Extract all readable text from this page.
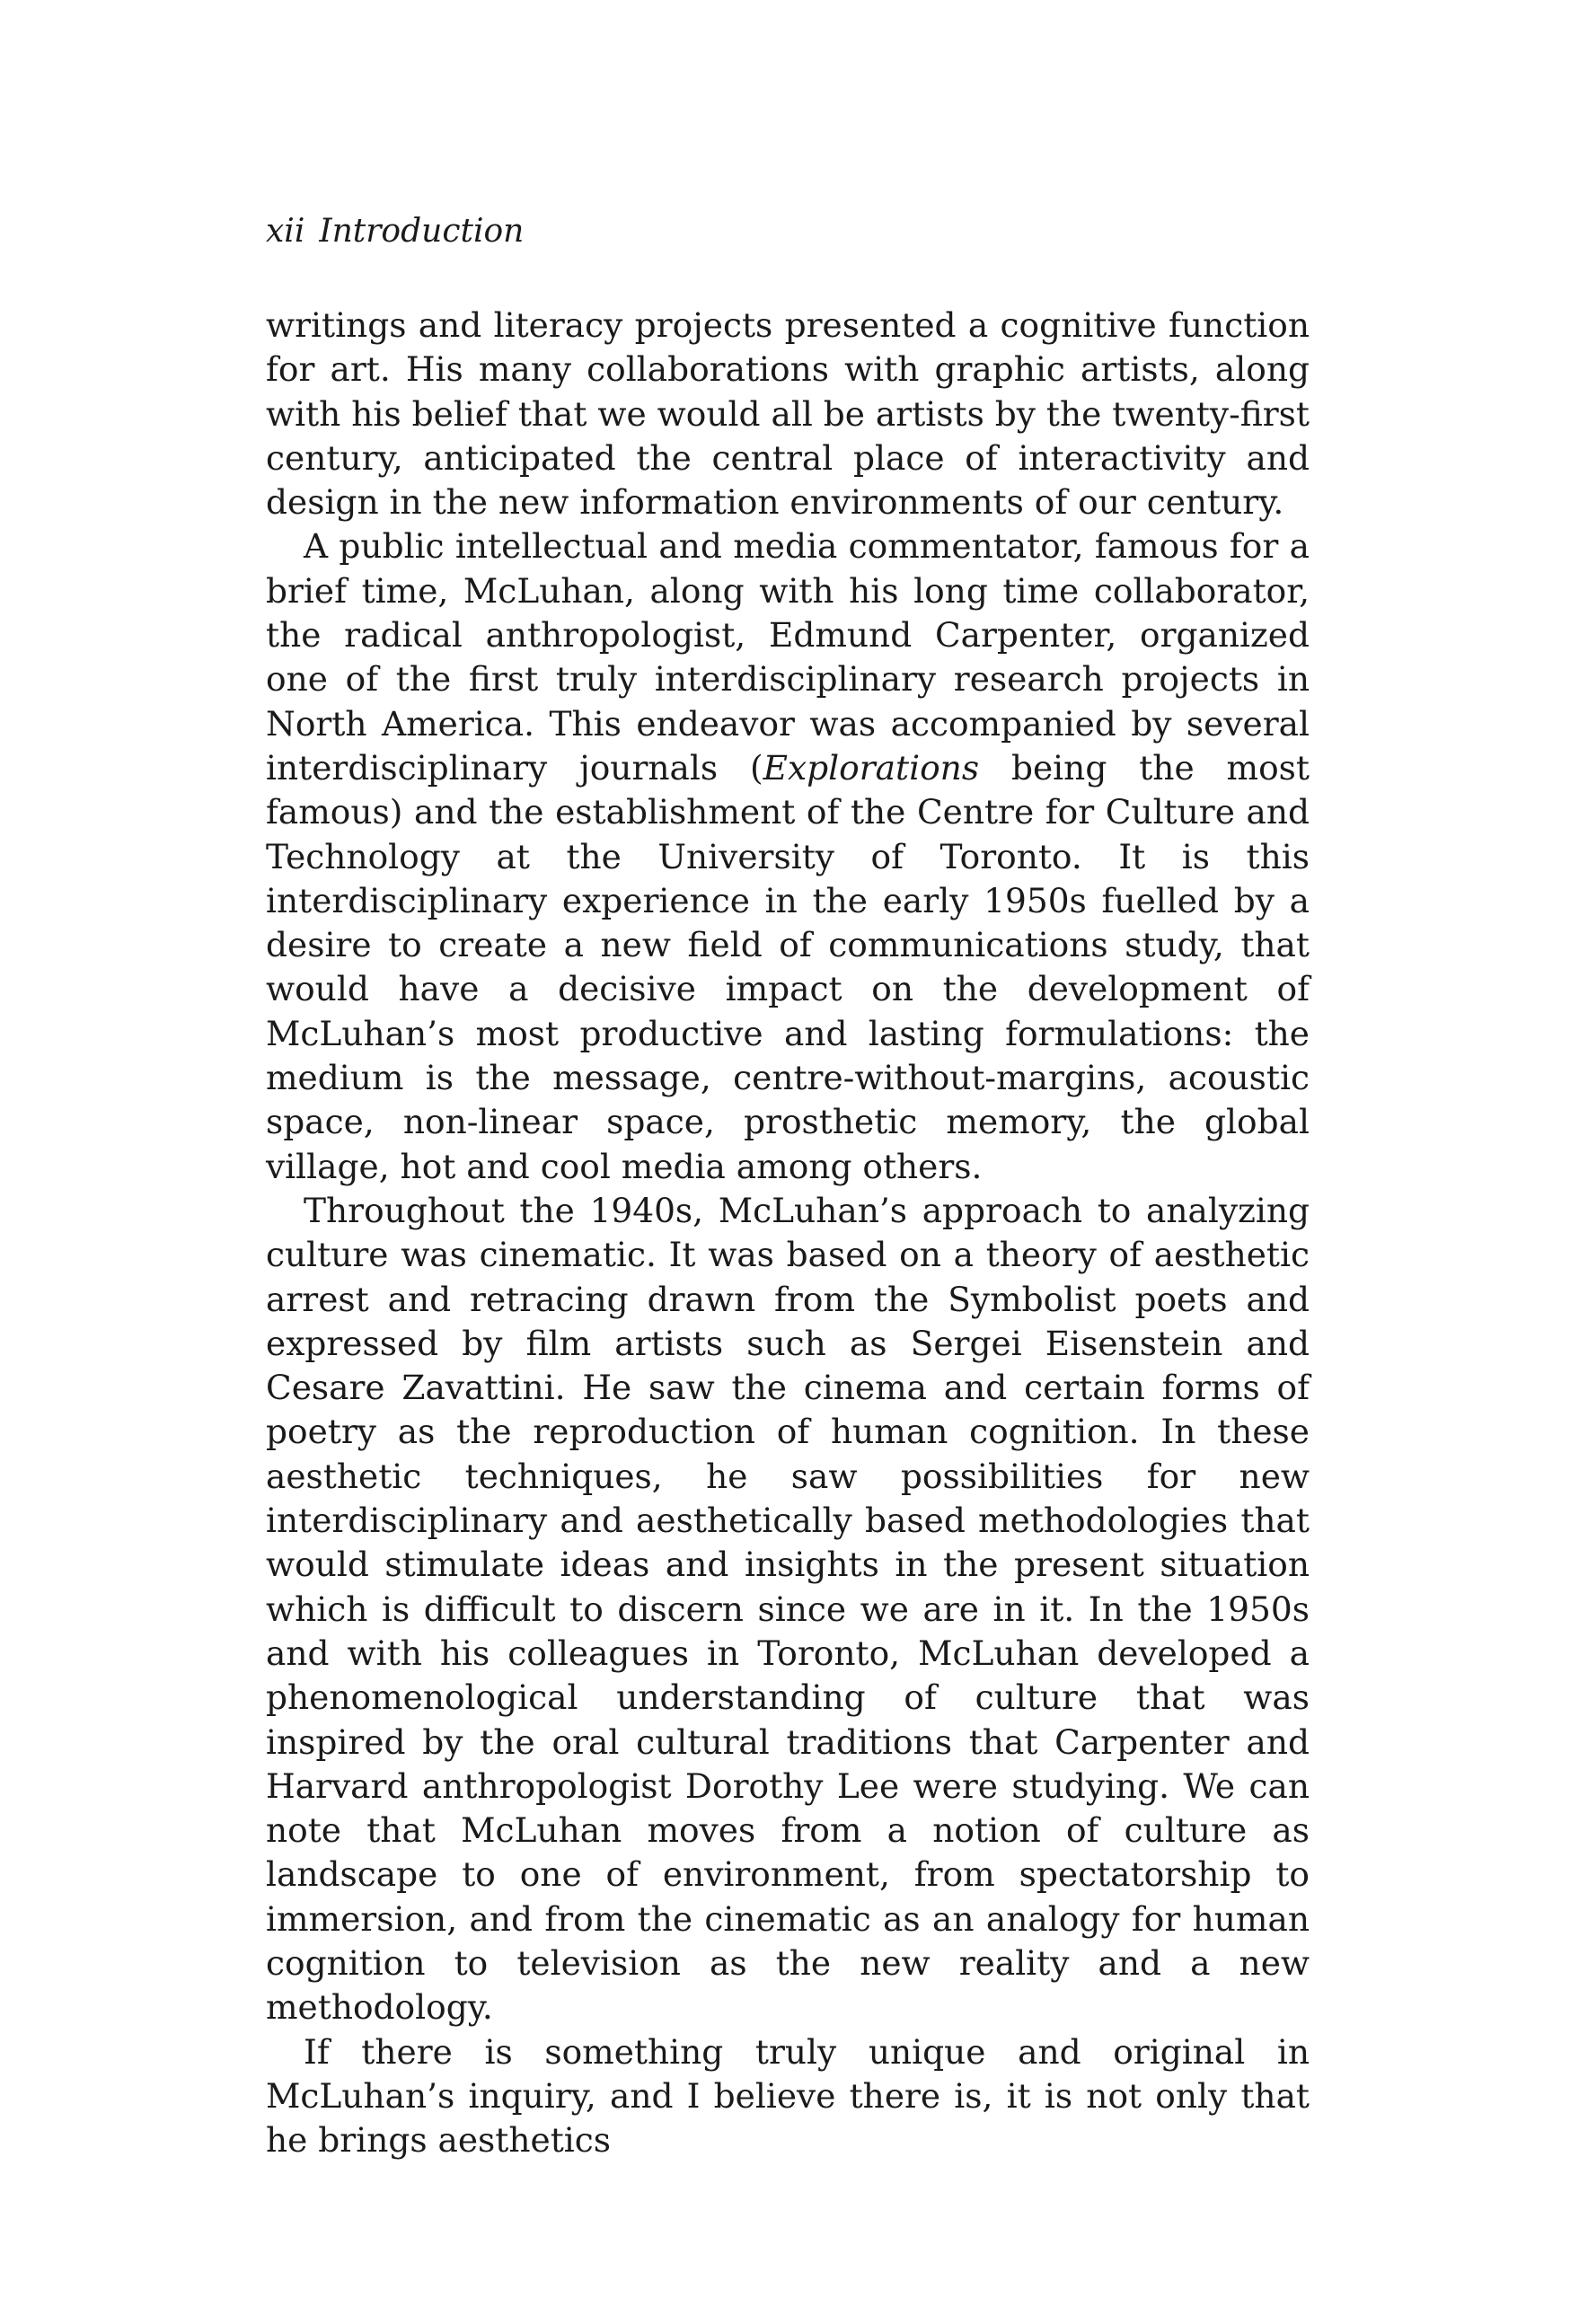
xii Introduction

writings and literacy projects presented a cognitive function for art. His many collaborations with graphic artists, along with his belief that we would all be artists by the twenty-first century, anticipated the central place of interactivity and design in the new information environments of our century.

A public intellectual and media commentator, famous for a brief time, McLuhan, along with his long time collaborator, the radical anthropologist, Edmund Carpenter, organized one of the first truly interdisciplinary research projects in North America. This endeavor was accompanied by several interdisciplinary journals (Explorations being the most famous) and the establishment of the Centre for Culture and Technology at the University of Toronto. It is this interdisciplinary experience in the early 1950s fuelled by a desire to create a new field of communications study, that would have a decisive impact on the development of McLuhan’s most productive and lasting formulations: the medium is the message, centre-without-margins, acoustic space, non-linear space, prosthetic memory, the global village, hot and cool media among others.

Throughout the 1940s, McLuhan’s approach to analyzing culture was cinematic. It was based on a theory of aesthetic arrest and retracing drawn from the Symbolist poets and expressed by film artists such as Sergei Eisenstein and Cesare Zavattini. He saw the cinema and certain forms of poetry as the reproduction of human cognition. In these aesthetic techniques, he saw possibilities for new interdisciplinary and aesthetically based methodologies that would stimulate ideas and insights in the present situation which is difficult to discern since we are in it. In the 1950s and with his colleagues in Toronto, McLuhan developed a phenomenological understanding of culture that was inspired by the oral cultural traditions that Carpenter and Harvard anthropologist Dorothy Lee were studying. We can note that McLuhan moves from a notion of culture as landscape to one of environment, from spectatorship to immersion, and from the cinematic as an analogy for human cognition to television as the new reality and a new methodology.

If there is something truly unique and original in McLuhan’s inquiry, and I believe there is, it is not only that he brings aesthetics
